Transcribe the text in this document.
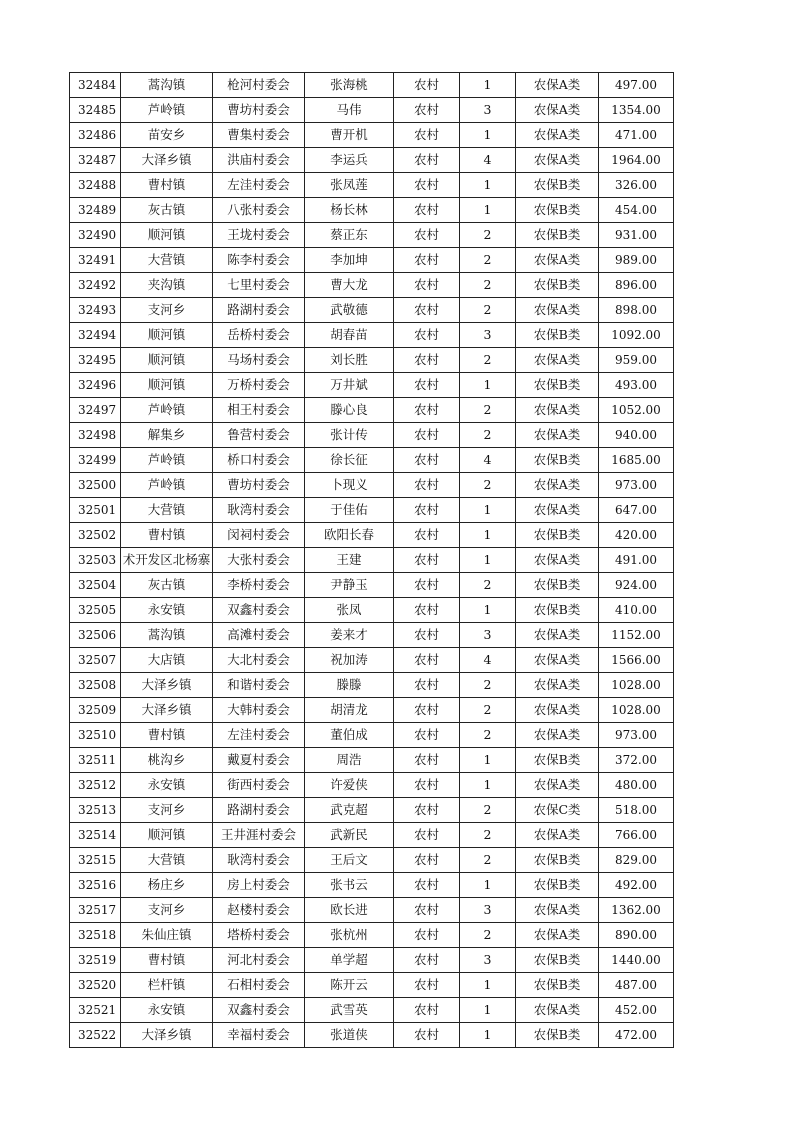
32484	蒿沟镇	枪河村委会	张海桃	农村	1	农保A类	497.00
32485	芦岭镇	曹坊村委会	马伟	农村	3	农保A类	1354.00
32486	苗安乡	曹集村委会	曹开机	农村	1	农保A类	471.00
32487	大泽乡镇	洪庙村委会	李运兵	农村	4	农保A类	1964.00
32488	曹村镇	左洼村委会	张凤莲	农村	1	农保B类	326.00
32489	灰古镇	八张村委会	杨长林	农村	1	农保B类	454.00
32490	顺河镇	王垅村委会	蔡正东	农村	2	农保B类	931.00
32491	大营镇	陈李村委会	李加坤	农村	2	农保A类	989.00
32492	夹沟镇	七里村委会	曹大龙	农村	2	农保B类	896.00
32493	支河乡	路湖村委会	武敬德	农村	2	农保A类	898.00
32494	顺河镇	岳桥村委会	胡春苗	农村	3	农保B类	1092.00
32495	顺河镇	马场村委会	刘长胜	农村	2	农保A类	959.00
32496	顺河镇	万桥村委会	万井斌	农村	1	农保B类	493.00
32497	芦岭镇	相王村委会	滕心良	农村	2	农保A类	1052.00
32498	解集乡	鲁营村委会	张计传	农村	2	农保A类	940.00
32499	芦岭镇	桥口村委会	徐长征	农村	4	农保B类	1685.00
32500	芦岭镇	曹坊村委会	卜现义	农村	2	农保A类	973.00
32501	大营镇	耿湾村委会	于佳佑	农村	1	农保A类	647.00
32502	曹村镇	闵祠村委会	欧阳长春	农村	1	农保B类	420.00
32503	术开发区北杨寨	大张村委会	王建	农村	1	农保A类	491.00
32504	灰古镇	李桥村委会	尹静玉	农村	2	农保B类	924.00
32505	永安镇	双鑫村委会	张凤	农村	1	农保B类	410.00
32506	蒿沟镇	高滩村委会	姜来才	农村	3	农保A类	1152.00
32507	大店镇	大北村委会	祝加涛	农村	4	农保A类	1566.00
32508	大泽乡镇	和谐村委会	滕滕	农村	2	农保A类	1028.00
32509	大泽乡镇	大韩村委会	胡清龙	农村	2	农保A类	1028.00
32510	曹村镇	左洼村委会	董伯成	农村	2	农保A类	973.00
32511	桃沟乡	戴夏村委会	周浩	农村	1	农保B类	372.00
32512	永安镇	街西村委会	许爱侠	农村	1	农保A类	480.00
32513	支河乡	路湖村委会	武克超	农村	2	农保C类	518.00
32514	顺河镇	王井涯村委会	武新民	农村	2	农保A类	766.00
32515	大营镇	耿湾村委会	王后文	农村	2	农保B类	829.00
32516	杨庄乡	房上村委会	张书云	农村	1	农保B类	492.00
32517	支河乡	赵楼村委会	欧长进	农村	3	农保A类	1362.00
32518	朱仙庄镇	塔桥村委会	张杭州	农村	2	农保A类	890.00
32519	曹村镇	河北村委会	单学超	农村	3	农保B类	1440.00
32520	栏杆镇	石相村委会	陈开云	农村	1	农保B类	487.00
32521	永安镇	双鑫村委会	武雪英	农村	1	农保A类	452.00
32522	大泽乡镇	幸福村委会	张道侠	农村	1	农保B类	472.00
